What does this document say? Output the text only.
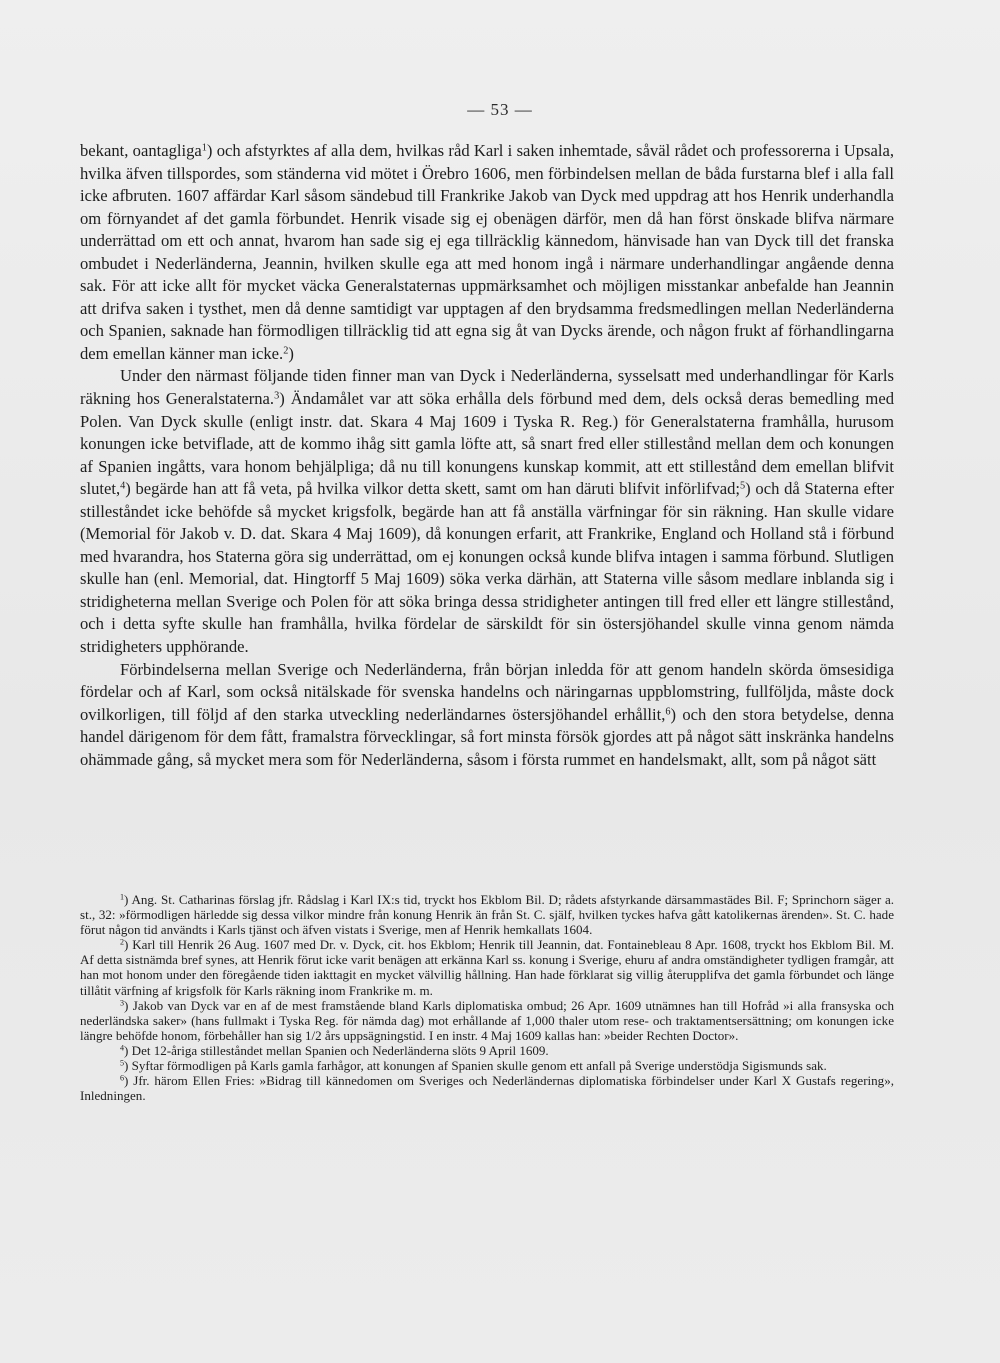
— 53 —

bekant, oantagliga$^1$) och afstyrktes af alla dem, hvilkas råd Karl i saken inhemtade, såväl rådet och professorerna i Upsala, hvilka äfven tillspordes, som ständerna vid mötet i Örebro 1606, men förbindelsen mellan de båda furstarna blef i alla fall icke afbruten. 1607 affärdar Karl såsom sändebud till Frankrike Jakob van Dyck med uppdrag att hos Henrik underhandla om förnyandet af det gamla förbundet. Henrik visade sig ej obenägen därför, men då han först önskade blifva närmare underrättad om ett och annat, hvarom han sade sig ej ega tillräcklig kännedom, hänvisade han van Dyck till det franska ombudet i Nederländerna, Jeannin, hvilken skulle ega att med honom ingå i närmare underhandlingar angående denna sak. För att icke allt för mycket väcka Generalstaternas uppmärksamhet och möjligen misstankar anbefalde han Jeannin att drifva saken i tysthet, men då denne samtidigt var upptagen af den brydsamma fredsmedlingen mellan Nederländerna och Spanien, saknade han förmodligen tillräcklig tid att egna sig åt van Dycks ärende, och någon frukt af förhandlingarna dem emellan känner man icke.$^2$)

Under den närmast följande tiden finner man van Dyck i Nederländerna, sysselsatt med underhandlingar för Karls räkning hos Generalstaterna.$^3$) Ändamålet var att söka erhålla dels förbund med dem, dels också deras bemedling med Polen. Van Dyck skulle (enligt instr. dat. Skara 4 Maj 1609 i Tyska R. Reg.) för Generalstaterna framhålla, hurusom konungen icke betviflade, att de kommo ihåg sitt gamla löfte att, så snart fred eller stillestånd mellan dem och konungen af Spanien ingåtts, vara honom behjälpliga; då nu till konungens kunskap kommit, att ett stillestånd dem emellan blifvit slutet,$^4$) begärde han att få veta, på hvilka vilkor detta skett, samt om han däruti blifvit införlifvad;$^5$) och då Staterna efter stilleståndet icke behöfde så mycket krigsfolk, begärde han att få anställa värfningar för sin räkning. Han skulle vidare (Memorial för Jakob v. D. dat. Skara 4 Maj 1609), då konungen erfarit, att Frankrike, England och Holland stå i förbund med hvarandra, hos Staterna göra sig underrättad, om ej konungen också kunde blifva intagen i samma förbund. Slutligen skulle han (enl. Memorial, dat. Hingtorff 5 Maj 1609) söka verka därhän, att Staterna ville såsom medlare inblanda sig i stridigheterna mellan Sverige och Polen för att söka bringa dessa stridigheter antingen till fred eller ett längre stillestånd, och i detta syfte skulle han framhålla, hvilka fördelar de särskildt för sin östersjöhandel skulle vinna genom nämda stridigheters upphörande.

Förbindelserna mellan Sverige och Nederländerna, från början inledda för att genom handeln skörda ömsesidiga fördelar och af Karl, som också nitälskade för svenska handelns och näringarnas uppblomstring, fullföljda, måste dock ovilkorligen, till följd af den starka utveckling nederländarnes östersjöhandel erhållit,$^6$) och den stora betydelse, denna handel därigenom för dem fått, framalstra förvecklingar, så fort minsta försök gjordes att på något sätt inskränka handelns ohämmade gång, så mycket mera som för Nederländerna, såsom i första rummet en handelsmakt, allt, som på något sätt

$^1$) Ang. St. Catharinas förslag jfr. Rådslag i Karl IX:s tid, tryckt hos Ekblom Bil. D; rådets afstyrkande därsammastädes Bil. F; Sprinchorn säger a. st., 32: »förmodligen härledde sig dessa vilkor mindre från konung Henrik än från St. C. själf, hvilken tyckes hafva gått katolikernas ärenden». St. C. hade förut någon tid användts i Karls tjänst och äfven vistats i Sverige, men af Henrik hemkallats 1604.

$^2$) Karl till Henrik 26 Aug. 1607 med Dr. v. Dyck, cit. hos Ekblom; Henrik till Jeannin, dat. Fontainebleau 8 Apr. 1608, tryckt hos Ekblom Bil. M. Af detta sistnämda bref synes, att Henrik förut icke varit benägen att erkänna Karl ss. konung i Sverige, ehuru af andra omständigheter tydligen framgår, att han mot honom under den föregående tiden iakttagit en mycket välvillig hållning. Han hade förklarat sig villig återupplifva det gamla förbundet och länge tillåtit värfning af krigsfolk för Karls räkning inom Frankrike m. m.

$^3$) Jakob van Dyck var en af de mest framstående bland Karls diplomatiska ombud; 26 Apr. 1609 utnämnes han till Hofråd »i alla fransyska och nederländska saker» (hans fullmakt i Tyska Reg. för nämda dag) mot erhållande af 1,000 thaler utom rese- och traktamentsersättning; om konungen icke längre behöfde honom, förbehåller han sig 1/2 års uppsägningstid. I en instr. 4 Maj 1609 kallas han: »beider Rechten Doctor».

$^4$) Det 12-åriga stilleståndet mellan Spanien och Nederländerna slöts 9 April 1609.

$^5$) Syftar förmodligen på Karls gamla farhågor, att konungen af Spanien skulle genom ett anfall på Sverige understödja Sigismunds sak.

$^6$) Jfr. härom Ellen Fries: »Bidrag till kännedomen om Sveriges och Nederländernas diplomatiska förbindelser under Karl X Gustafs regering», Inledningen.
